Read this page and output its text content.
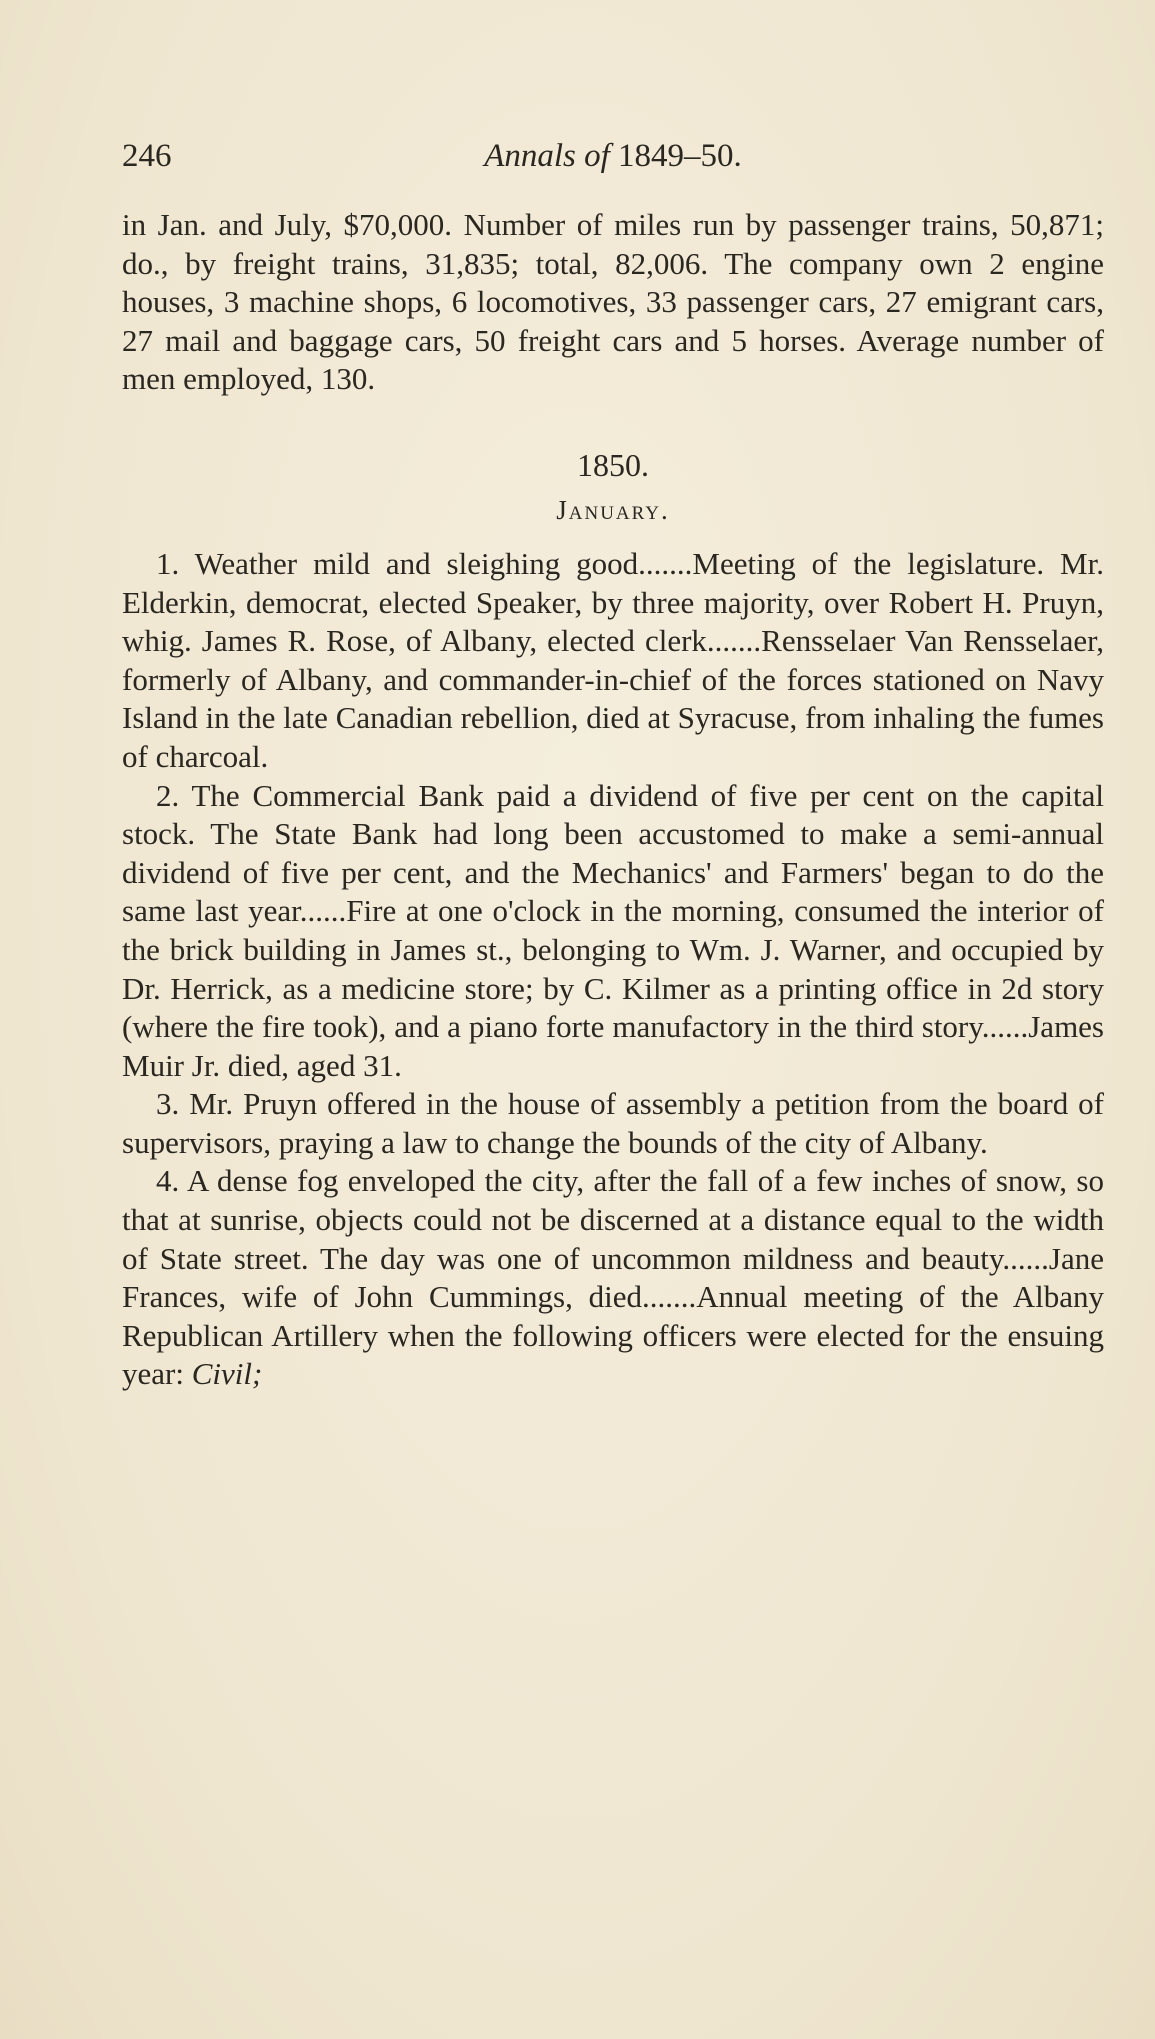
246	Annals of 1849–50.

in Jan. and July, $70,000. Number of miles run by passenger trains, 50,871; do., by freight trains, 31,835; total, 82,006. The company own 2 engine houses, 3 machine shops, 6 locomotives, 33 passenger cars, 27 emigrant cars, 27 mail and baggage cars, 50 freight cars and 5 horses. Average number of men employed, 130.

1850.
January.

1. Weather mild and sleighing good.......Meeting of the legislature. Mr. Elderkin, democrat, elected Speaker, by three majority, over Robert H. Pruyn, whig. James R. Rose, of Albany, elected clerk.......Rensselaer Van Rensselaer, formerly of Albany, and commander-in-chief of the forces stationed on Navy Island in the late Canadian rebellion, died at Syracuse, from inhaling the fumes of charcoal.

2. The Commercial Bank paid a dividend of five per cent on the capital stock. The State Bank had long been accustomed to make a semi-annual dividend of five per cent, and the Mechanics' and Farmers' began to do the same last year......Fire at one o'clock in the morning, consumed the interior of the brick building in James st., belonging to Wm. J. Warner, and occupied by Dr. Herrick, as a medicine store; by C. Kilmer as a printing office in 2d story (where the fire took), and a piano forte manufactory in the third story......James Muir Jr. died, aged 31.

3. Mr. Pruyn offered in the house of assembly a petition from the board of supervisors, praying a law to change the bounds of the city of Albany.

4. A dense fog enveloped the city, after the fall of a few inches of snow, so that at sunrise, objects could not be discerned at a distance equal to the width of State street. The day was one of uncommon mildness and beauty......Jane Frances, wife of John Cummings, died.......Annual meeting of the Albany Republican Artillery when the following officers were elected for the ensuing year: Civil;
